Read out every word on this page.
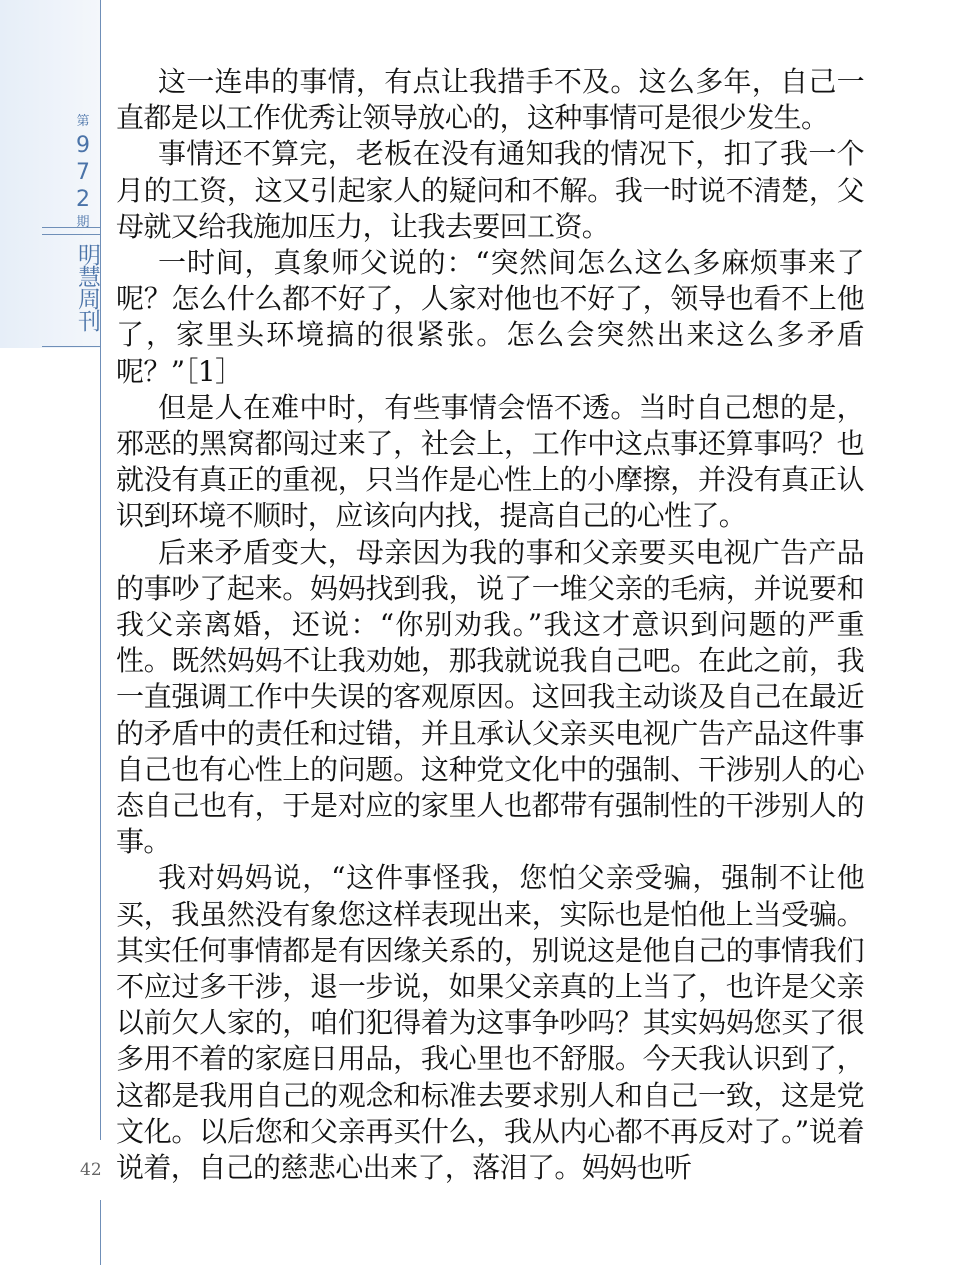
第
9
7
2
期
明慧周刊
42

这一连串的事情，有点让我措手不及。这么多年，自己一直都是以工作优秀让领导放心的，这种事情可是很少发生。

事情还不算完，老板在没有通知我的情况下，扣了我一个月的工资，这又引起家人的疑问和不解。我一时说不清楚，父母就又给我施加压力，让我去要回工资。

一时间，真象师父说的：“突然间怎么这么多麻烦事来了呢？怎么什么都不好了，人家对他也不好了，领导也看不上他了，家里头环境搞的很紧张。怎么会突然出来这么多矛盾呢？”［1］

但是人在难中时，有些事情会悟不透。当时自己想的是，邪恶的黑窝都闯过来了，社会上，工作中这点事还算事吗？也就没有真正的重视，只当作是心性上的小摩擦，并没有真正认识到环境不顺时，应该向内找，提高自己的心性了。

后来矛盾变大，母亲因为我的事和父亲要买电视广告产品的事吵了起来。妈妈找到我，说了一堆父亲的毛病，并说要和我父亲离婚，还说：“你别劝我。”我这才意识到问题的严重性。既然妈妈不让我劝她，那我就说我自己吧。在此之前，我一直强调工作中失误的客观原因。这回我主动谈及自己在最近的矛盾中的责任和过错，并且承认父亲买电视广告产品这件事自己也有心性上的问题。这种党文化中的强制、干涉别人的心态自己也有，于是对应的家里人也都带有强制性的干涉别人的事。

我对妈妈说，“这件事怪我，您怕父亲受骗，强制不让他买，我虽然没有象您这样表现出来，实际也是怕他上当受骗。其实任何事情都是有因缘关系的，别说这是他自己的事情我们不应过多干涉，退一步说，如果父亲真的上当了，也许是父亲以前欠人家的，咱们犯得着为这事争吵吗？其实妈妈您买了很多用不着的家庭日用品，我心里也不舒服。今天我认识到了，这都是我用自己的观念和标准去要求别人和自己一致，这是党文化。以后您和父亲再买什么，我从内心都不再反对了。”说着说着，自己的慈悲心出来了，落泪了。妈妈也听
